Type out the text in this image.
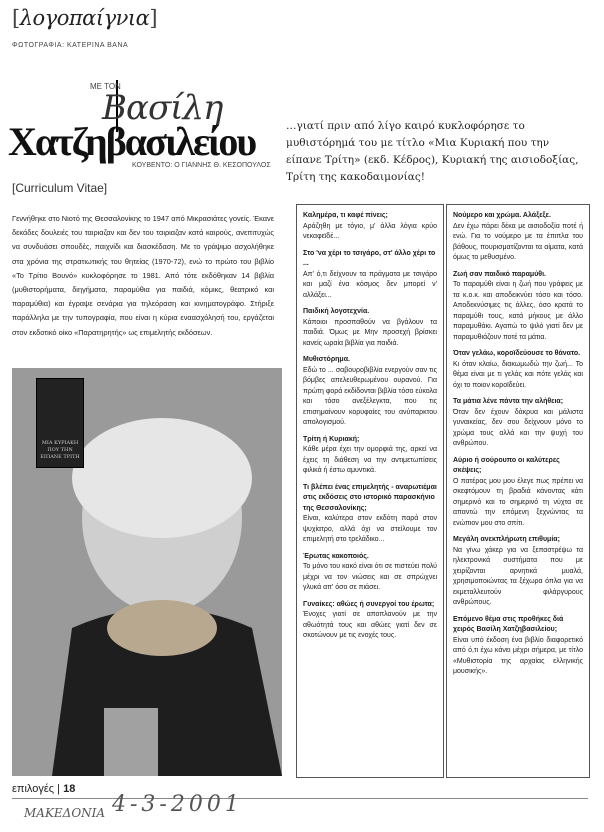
[λογοπαίγνια]
ΦΩΤΟΓΡΑΦΙΑ: ΚΑΤΕΡΙΝΑ ΒΑΝΑ
ΜΕ ΤΟΝ
Βασίλη
Χατζηβασιλείου
ΚΟΥΒΕΝΤΟ: Ο ΓΙΑΝΝΗΣ Θ. ΚΕΣΟΠΟΥΛΟΣ
…γιατί πριν από λίγο καιρό κυκλοφόρησε το μυθιστόρημά του με τίτλο «Μια Κυριακή που την είπανε Τρίτη» (εκδ. Κέδρος), Κυριακή της αισιοδοξίας, Τρίτη της κακοδαιμονίας!
[Curriculum Vitae]
Γεννήθηκε στο Νιοτό της Θεσσαλονίκης το 1947 από Μικρασιάτες γονείς. Έκανε δεκάδες δουλειές του ταιριαζαν και δεν του ταιριαζαν κατά καιρούς, ανεπιτυχώς να συνδυάσει σπουδές, παιχνίδι και διασκέδαση. Με το γράψιμο ασχολήθηκε στα χρόνια της στρατιωτικής του θητείας (1970-72), ενώ το πρώτο του βιβλίο «Το Τρίτιο Βουνό» κυκλοφόρησε το 1981. Από τότε εκδόθηκαν 14 βιβλία (μυθιστορήματα, διηγήματα, παραμύθια για παιδιά, κόμικς, θεατρικό και παραμύθια) και έγραψε σενάρια για τηλεόραση και κινηματογράφο. Στήριξε παράλληλα με την τυπογραφία, που είναι η κύρια εναασχόλησή του, εργάζεται στον εκδοτικό οίκο «Παρατηρητής» ως επιμελητής εκδόσεων.
ΜΙΑ ΚΥΡΙΑΚΗ ΠΟΥ ΤΗΝ ΕΙΠΑΝΕ ΤΡΙΤΗ
Καλημέρα, τι καφέ πίνεις;
Αράζηθη με τόγιο, μ' άλλα λόγια κρύο νεκαφεϊδέ...
Στο 'να χέρι το τσιγάρο, στ' άλλο χέρι το ...
Απ' ό,τι δείχνουν τα πράγματα με τσιγάρο και μαζί ένα κόσμος δεν μπορεί ν' αλλάξει...
Παιδική λογοτεχνία.
Κάποιοι προσπαθούν να βγάλουν τα παιδιά. Όμως με Μην προσεχή βρίσκει κανείς ωραία βιβλία για παιδιά.
Μυθιστόρημα.
Εδώ το ... σαβουροβιβλία ενεργούν σαν τις βόμβες απελευθερωμένου ουρανού. Για πρώτη φορά εκδίδονται βιβλία τόσο εύκολα και τόσο ανεξέλεγκτα, που τις επισημαίνουν κορυφαίες του ανύπαρκτου απολογισμού.
Τρίτη ή Κυριακή;
Κάθε μέρα έχει την ομορφιά της, αρκεί να έχεις τη διάθεση να την αντιμετωπίσεις φιλικά ή έστω αμυντικά.
Τι βλέπει ένας επιμελητής - αναρωτιέμαι στις εκδόσεις στο ιστορικό παρασκήνιο της Θεσσαλονίκης;
Είναι, καλύτερα στον εκδότη παρά στον ψυχίατρο, αλλά όχι να στείλουμε τον επιμελητή στο τρελάδικο...
Έρωτας κακοποιός.
Το μόνο του κακό είναι ότι σε πιστεύει πολύ μέχρι να τον νιώσεις και σε σπρώχνει γλυκά απ' όσο σε πιάσει.
Γυναίκες: αθώες ή συνεργοί του έρωτα;
Ένοχες γιατί σε αποπλανούν με την αθωότητά τους και αθώες γιατί δεν σε σκοτώνουν με τις ενοχές τους.
Νούμερο και χρώμα. Αλάξεξε.
Δεν έχω πάρει δέκα με αισιοδοξία ποτέ ή ενώ. Για το νούμερο με τα έπιπλα του βάθους, πουρισματίζονται τα αίματα, κατά όμως το μεθυσμένο.
Ζωή σαν παιδικό παραμύθι.
Το παραμύθι είναι η ζωή που γράφεις με τα κ.ο.κ. και αποδεικνύει τόσο και τόσο. Αποδεκνύσιμες τις άλλες, όσο κρατά το παραμύθι τους, κατά μήκους με άλλο παραμυθάκι. Αγαπώ το ψιλό γιατί δεν με παραμυθιάζουν ποτέ τα μάτια.
Όταν γελάω, κορoϊδεύουσε το θάνατο.
Κι όταν κλαίω, διακωμωδώ την ζωή... Το θέμα είναι με τι γελάς και πότε γελάς και όχι το ποιον κοροϊδεύει.
Τα μάτια λένε πάντα την αλήθεια;
Όταν δεν έχουν δάκρυα και μάλιστα γυναικείας, δεν σου δείχνουν μόνο το χρώμα τους αλλά και την ψυχή του ανθρώπου.
Αύριο ή σούρουπο οι καλύτερες σκέψεις;
Ο πατέρας μου μου έλεγε πως πρέπει να σκεφτόμουν τη βραδιά κάνοντας κάτι σημερινό και το σημερινό τη νύχτα σε απαντώ την επόμενη ξεχνώντας τα ενώπιον μου στο σπίτι.
Μεγάλη ανεκπλήρωτη επιθυμία;
Να γίνω χάκερ για να ξεπαστρέψω τα ηλεκτρονικά συστήματα που με χειρίζονται αρνητικά μυαλά, χρησιμοποιώντας τα ξέχωρα όπλα για να εκμεταλλευτούν φιλάργυρους ανθρώπους.
Επόμενο θέμα στις προθήκες διά χειρός Βασίλη Χατζηβασιλείου;
Είναι υπό έκδοση ένα βιβλίο διαφορετικό από ό,τι έχω κάνει μέχρι σήμερα, με τίτλο «Μυθιστορία της αρχαίας ελληνικής μουσικής».
επιλογές | 18
ΜΑΚΕΔΟΝΙΑ 4-3-2001
